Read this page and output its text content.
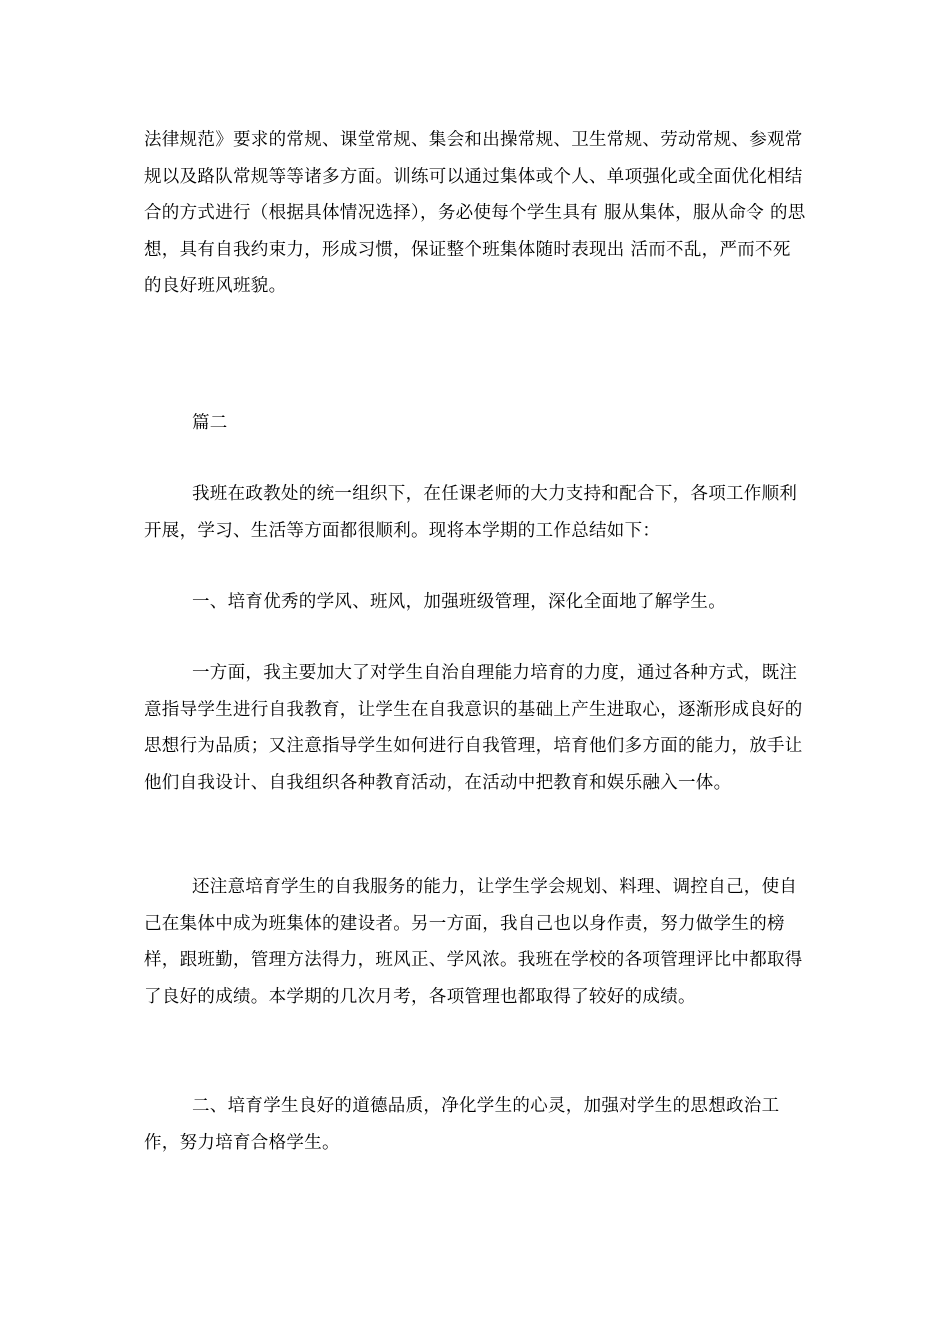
法律规范》要求的常规、课堂常规、集会和出操常规、卫生常规、劳动常规、参观常规以及路队常规等等诸多方面。训练可以通过集体或个人、单项强化或全面优化相结合的方式进行（根据具体情况选择），务必使每个学生具有 服从集体，服从命令 的思想，具有自我约束力，形成习惯，保证整个班集体随时表现出 活而不乱，严而不死 的良好班风班貌。

篇二

我班在政教处的统一组织下，在任课老师的大力支持和配合下，各项工作顺利开展，学习、生活等方面都很顺利。现将本学期的工作总结如下：

一、培育优秀的学风、班风，加强班级管理，深化全面地了解学生。

一方面，我主要加大了对学生自治自理能力培育的力度，通过各种方式，既注意指导学生进行自我教育，让学生在自我意识的基础上产生进取心，逐渐形成良好的思想行为品质；又注意指导学生如何进行自我管理，培育他们多方面的能力，放手让他们自我设计、自我组织各种教育活动，在活动中把教育和娱乐融入一体。

还注意培育学生的自我服务的能力，让学生学会规划、料理、调控自己，使自己在集体中成为班集体的建设者。另一方面，我自己也以身作责，努力做学生的榜样，跟班勤，管理方法得力，班风正、学风浓。我班在学校的各项管理评比中都取得了良好的成绩。本学期的几次月考，各项管理也都取得了较好的成绩。

二、培育学生良好的道德品质，净化学生的心灵，加强对学生的思想政治工作，努力培育合格学生。
